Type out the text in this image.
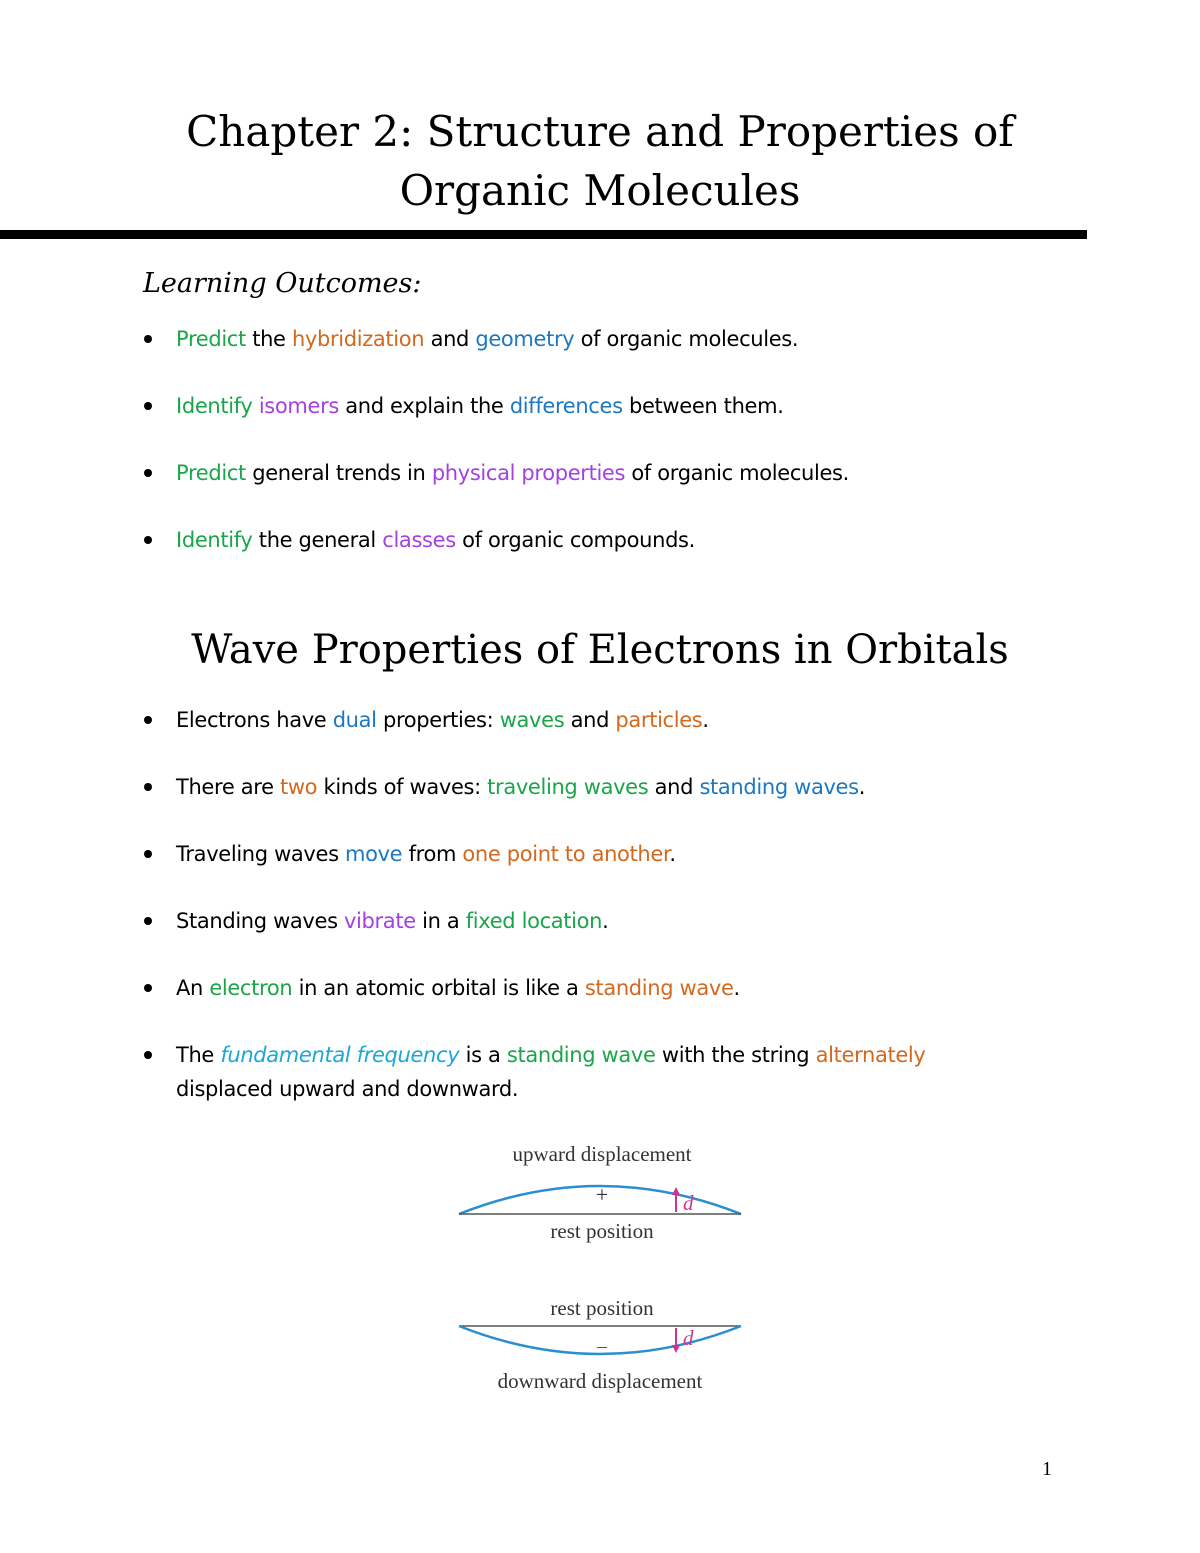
Chapter 2: Structure and Properties of
Organic Molecules
Learning Outcomes:
Predict the hybridization and geometry of organic molecules.
Identify isomers and explain the differences between them.
Predict general trends in physical properties of organic molecules.
Identify the general classes of organic compounds.
Wave Properties of Electrons in Orbitals
Electrons have dual properties: waves and particles.
There are two kinds of waves: traveling waves and standing waves.
Traveling waves move from one point to another.
Standing waves vibrate in a fixed location.
An electron in an atomic orbital is like a standing wave.
The fundamental frequency is a standing wave with the string alternately displaced upward and downward.
upward displacement
+	d
rest position
rest position
–	d
downward displacement
1
